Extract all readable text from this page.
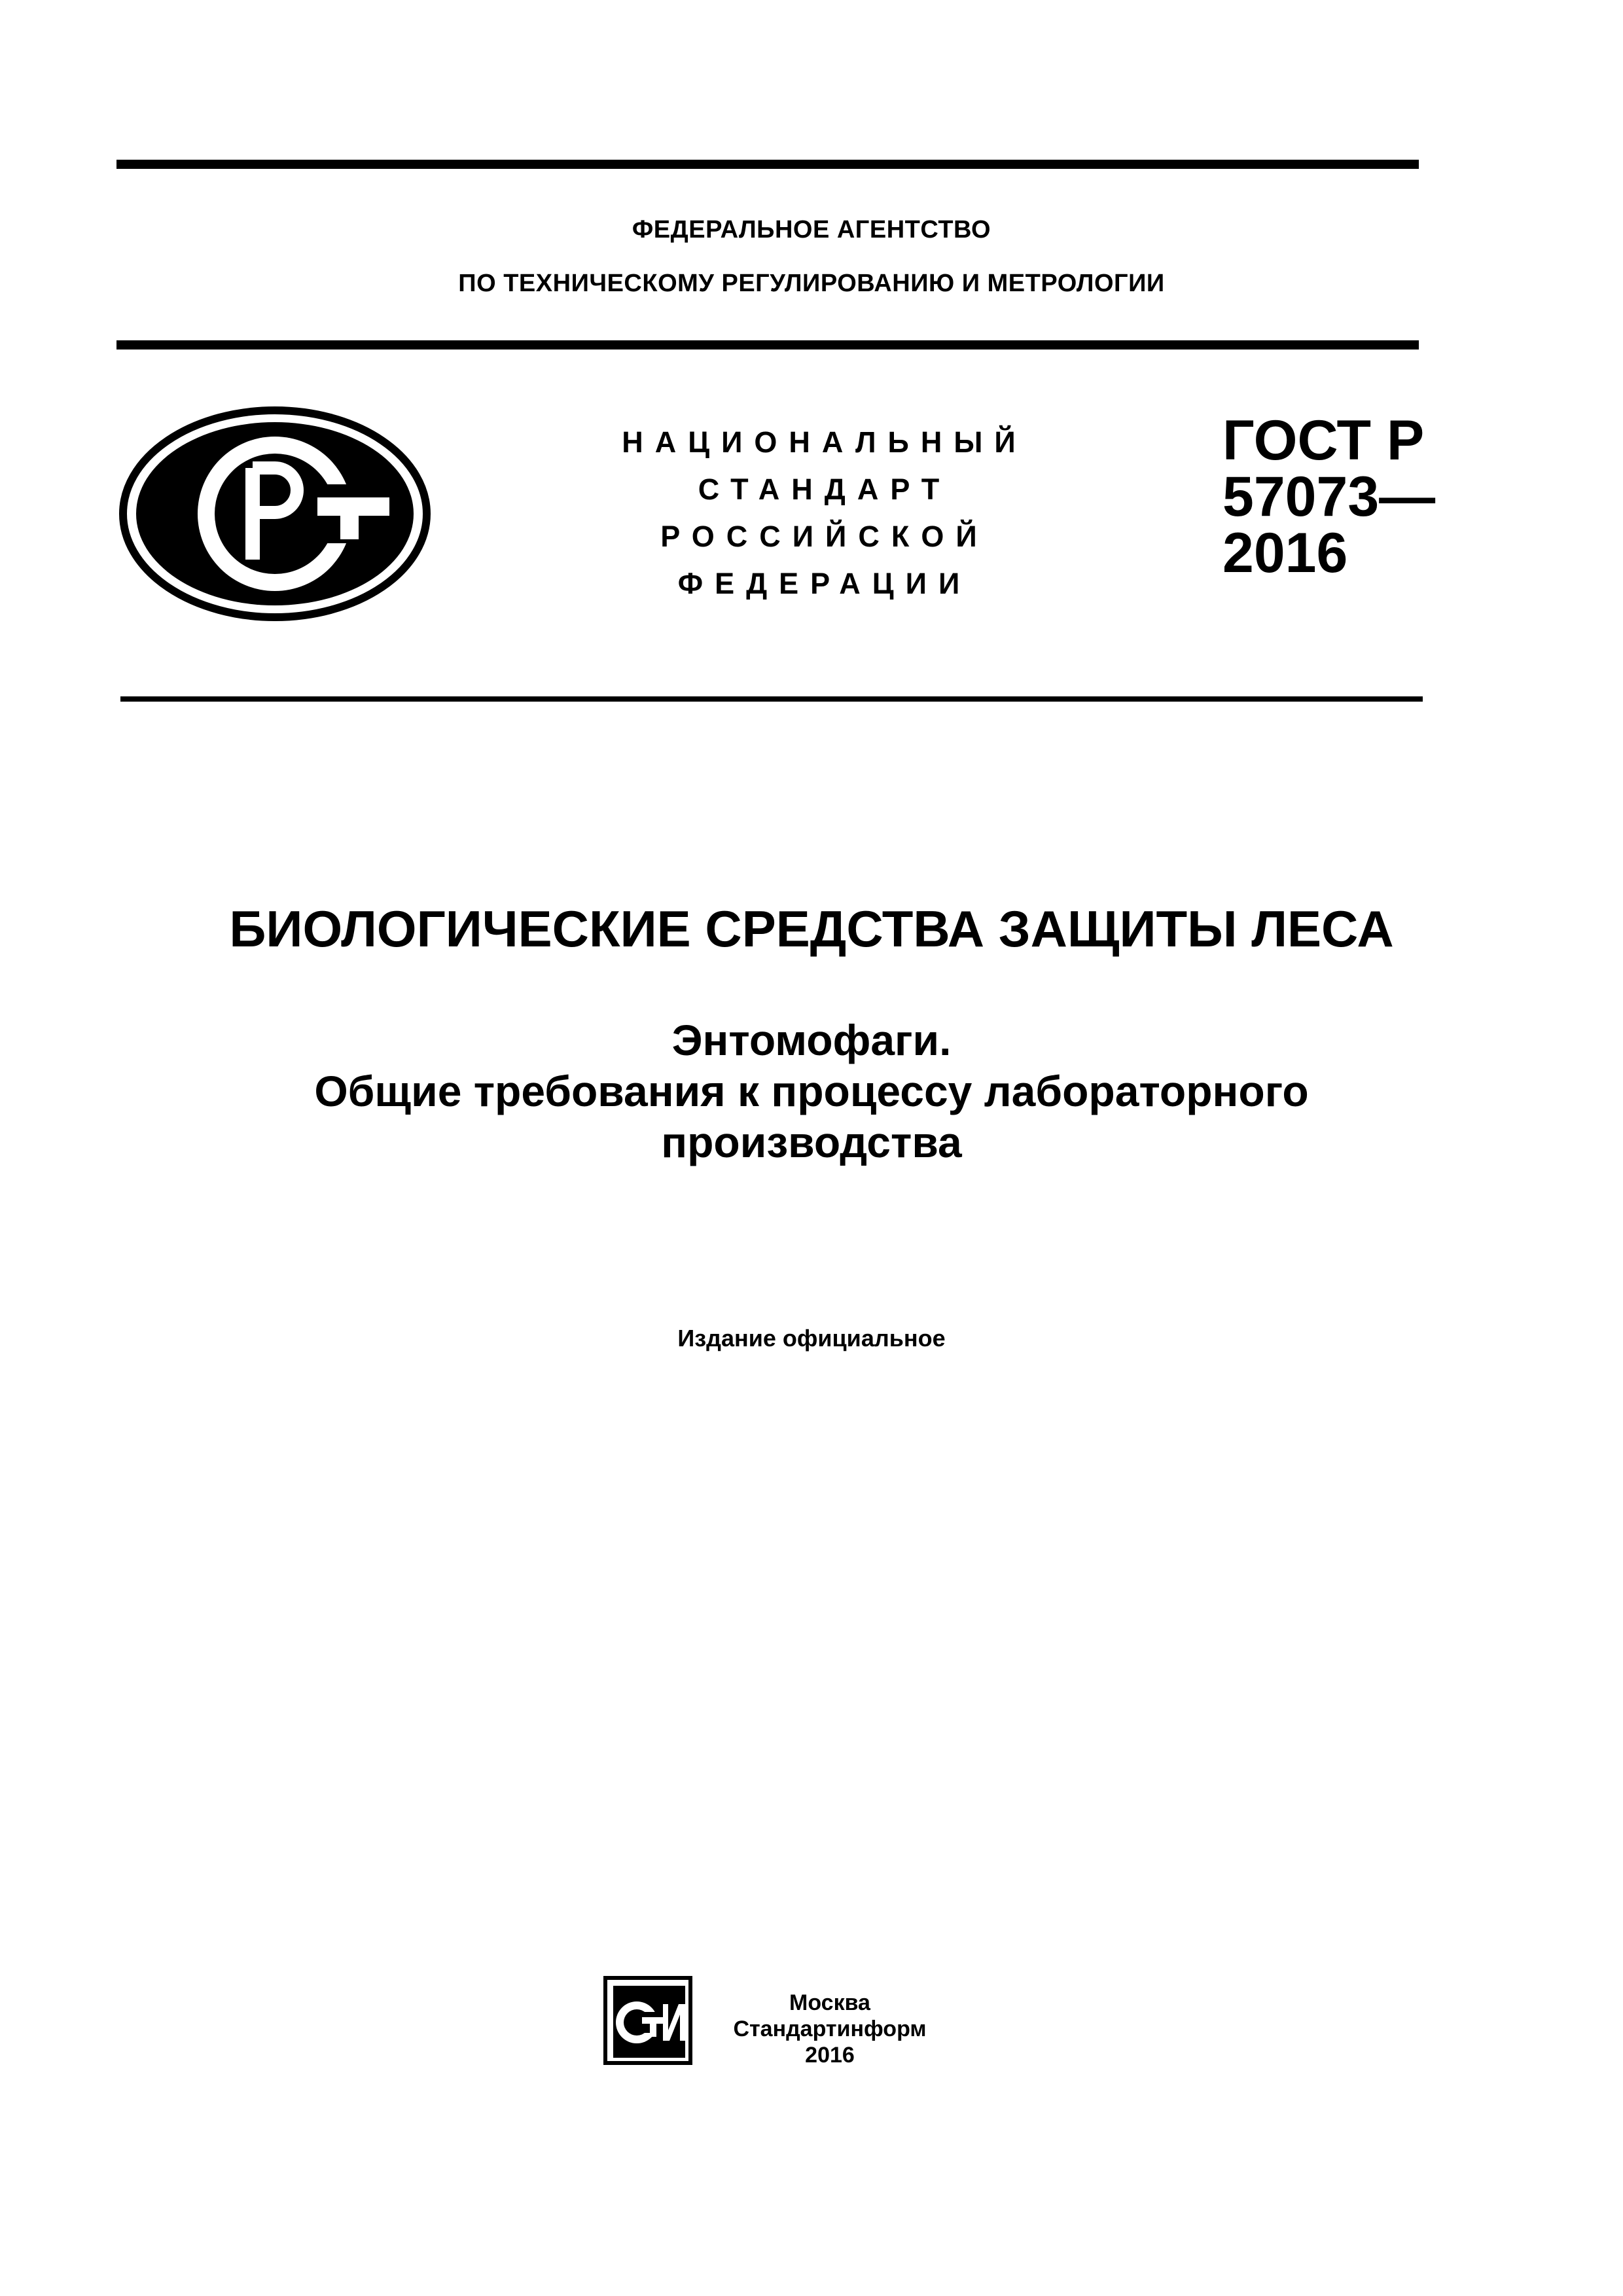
ФЕДЕРАЛЬНОЕ АГЕНТСТВО
ПО ТЕХНИЧЕСКОМУ РЕГУЛИРОВАНИЮ И МЕТРОЛОГИИ
НАЦИОНАЛЬНЫЙ
СТАНДАРТ
РОССИЙСКОЙ
ФЕДЕРАЦИИ
ГОСТ Р
57073—
2016
БИОЛОГИЧЕСКИЕ СРЕДСТВА ЗАЩИТЫ ЛЕСА
Энтомофаги.
Общие требования к процессу лабораторного
производства
Издание официальное
Москва
Стандартинформ
2016
